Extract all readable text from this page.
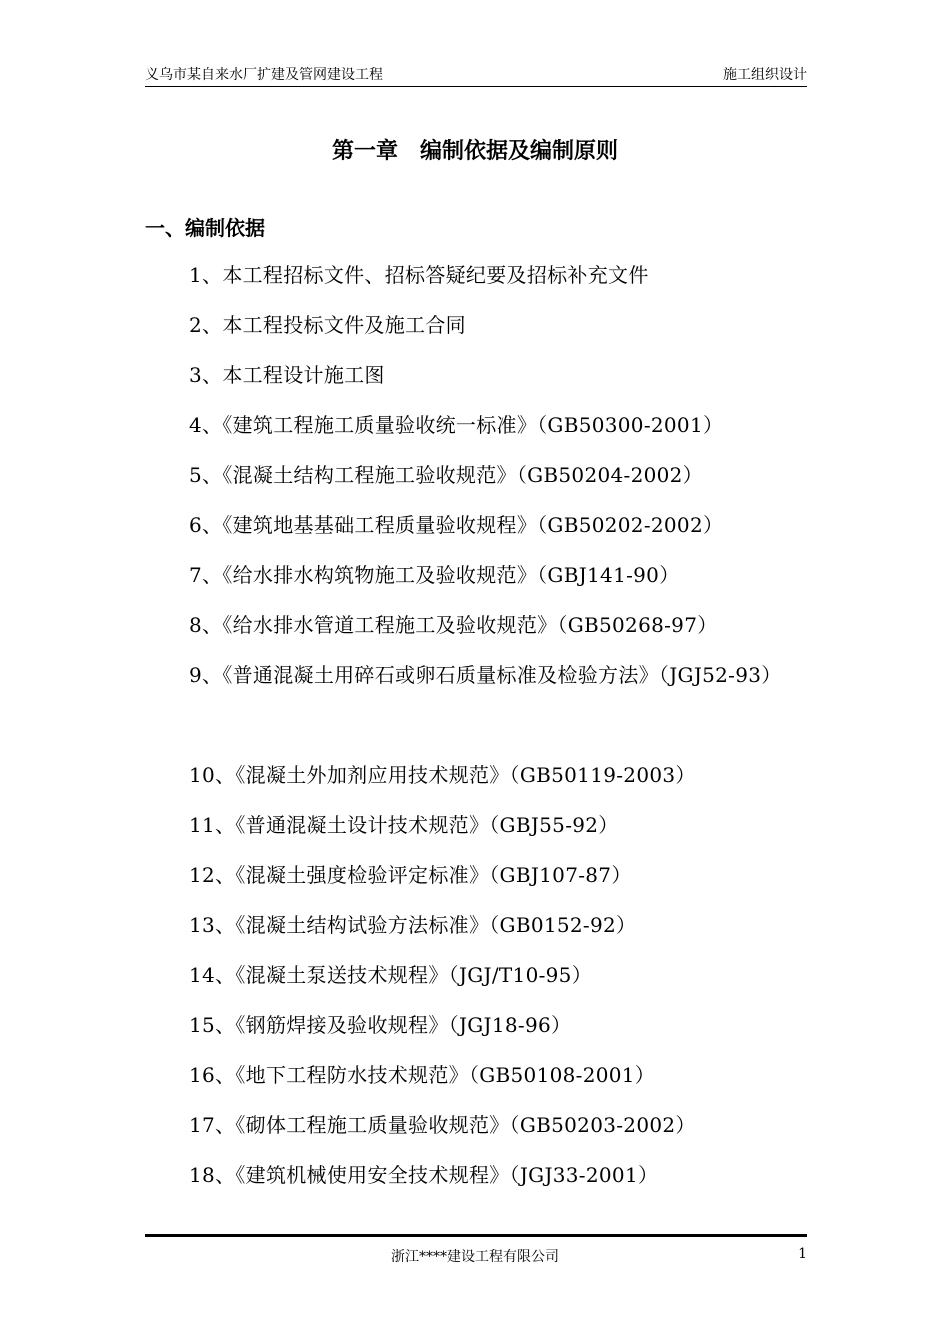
义乌市某自来水厂扩建及管网建设工程	施工组织设计
第一章　编制依据及编制原则
一、编制依据
1、本工程招标文件、招标答疑纪要及招标补充文件
2、本工程投标文件及施工合同
3、本工程设计施工图
4、《建筑工程施工质量验收统一标准》（GB50300-2001）
5、《混凝土结构工程施工验收规范》（GB50204-2002）
6、《建筑地基基础工程质量验收规程》（GB50202-2002）
7、《给水排水构筑物施工及验收规范》（GBJ141-90）
8、《给水排水管道工程施工及验收规范》（GB50268-97）
9、《普通混凝土用碎石或卵石质量标准及检验方法》（JGJ52-93）
10、《混凝土外加剂应用技术规范》（GB50119-2003）
11、《普通混凝土设计技术规范》（GBJ55-92）
12、《混凝土强度检验评定标准》（GBJ107-87）
13、《混凝土结构试验方法标准》（GB0152-92）
14、《混凝土泵送技术规程》（JGJ/T10-95）
15、《钢筋焊接及验收规程》（JGJ18-96）
16、《地下工程防水技术规范》（GB50108-2001）
17、《砌体工程施工质量验收规范》（GB50203-2002）
18、《建筑机械使用安全技术规程》（JGJ33-2001）
浙江****建设工程有限公司	1
